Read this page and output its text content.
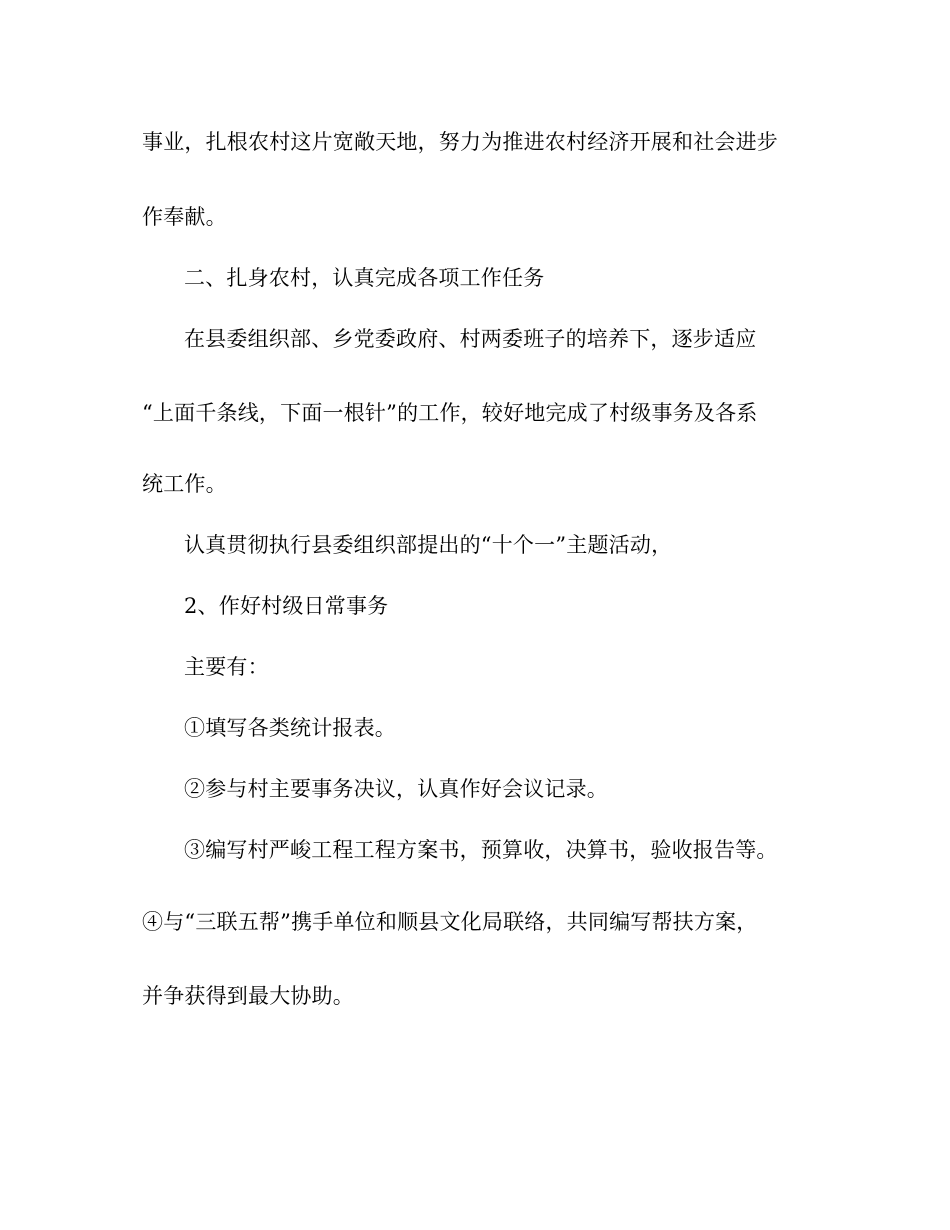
事业，扎根农村这片宽敞天地，努力为推进农村经济开展和社会进步
作奉献。
二、扎身农村，认真完成各项工作任务
在县委组织部、乡党委政府、村两委班子的培养下，逐步适应
“上面千条线，下面一根针”的工作，较好地完成了村级事务及各系
统工作。
认真贯彻执行县委组织部提出的“十个一”主题活动，
2、作好村级日常事务
主要有：
①填写各类统计报表。
②参与村主要事务决议，认真作好会议记录。
③编写村严峻工程工程方案书，预算收，决算书，验收报告等。
④与“三联五帮”携手单位和顺县文化局联络，共同编写帮扶方案，
并争获得到最大协助。
